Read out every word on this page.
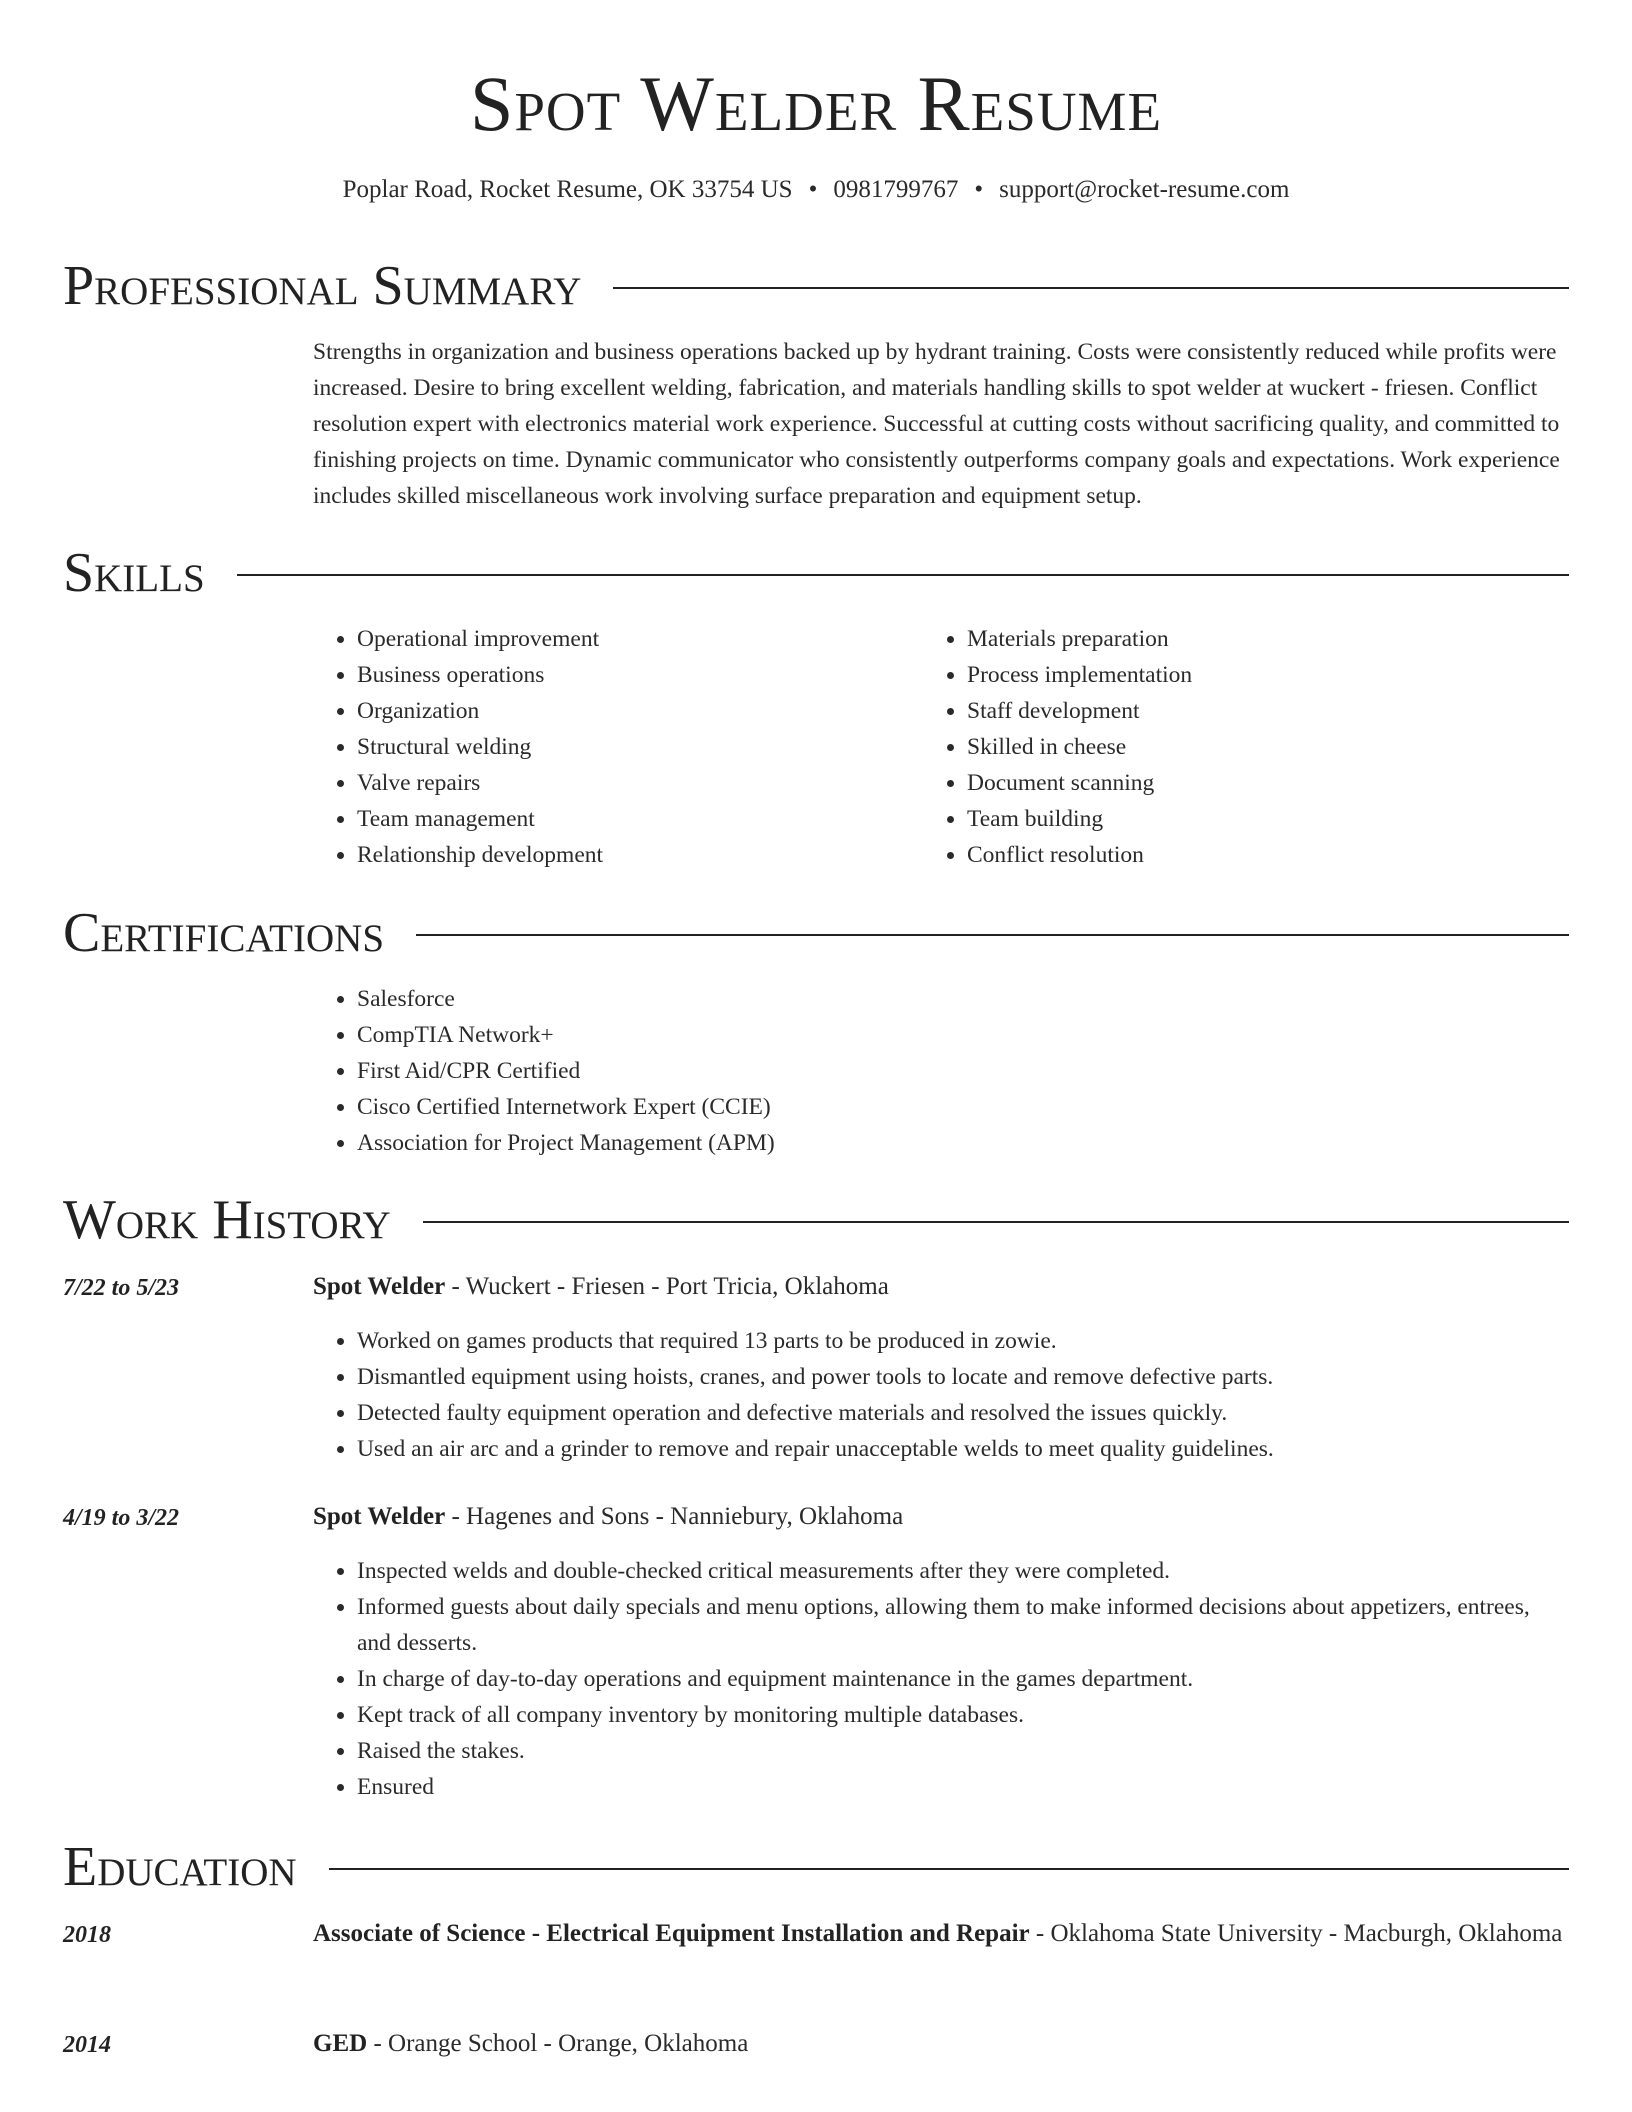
Spot Welder Resume
Poplar Road, Rocket Resume, OK 33754 US • 0981799767 • support@rocket-resume.com
Professional Summary
Strengths in organization and business operations backed up by hydrant training. Costs were consistently reduced while profits were increased. Desire to bring excellent welding, fabrication, and materials handling skills to spot welder at wuckert - friesen. Conflict resolution expert with electronics material work experience. Successful at cutting costs without sacrificing quality, and committed to finishing projects on time. Dynamic communicator who consistently outperforms company goals and expectations. Work experience includes skilled miscellaneous work involving surface preparation and equipment setup.
Skills
• Operational improvement
• Business operations
• Organization
• Structural welding
• Valve repairs
• Team management
• Relationship development
• Materials preparation
• Process implementation
• Staff development
• Skilled in cheese
• Document scanning
• Team building
• Conflict resolution
Certifications
• Salesforce
• CompTIA Network+
• First Aid/CPR Certified
• Cisco Certified Internetwork Expert (CCIE)
• Association for Project Management (APM)
Work History
7/22 to 5/23	Spot Welder - Wuckert - Friesen - Port Tricia, Oklahoma
• Worked on games products that required 13 parts to be produced in zowie.
• Dismantled equipment using hoists, cranes, and power tools to locate and remove defective parts.
• Detected faulty equipment operation and defective materials and resolved the issues quickly.
• Used an air arc and a grinder to remove and repair unacceptable welds to meet quality guidelines.
4/19 to 3/22	Spot Welder - Hagenes and Sons - Nanniebury, Oklahoma
• Inspected welds and double-checked critical measurements after they were completed.
• Informed guests about daily specials and menu options, allowing them to make informed decisions about appetizers, entrees, and desserts.
• In charge of day-to-day operations and equipment maintenance in the games department.
• Kept track of all company inventory by monitoring multiple databases.
• Raised the stakes.
• Ensured
Education
2018	Associate of Science - Electrical Equipment Installation and Repair - Oklahoma State University - Macburgh, Oklahoma
2014	GED - Orange School - Orange, Oklahoma
